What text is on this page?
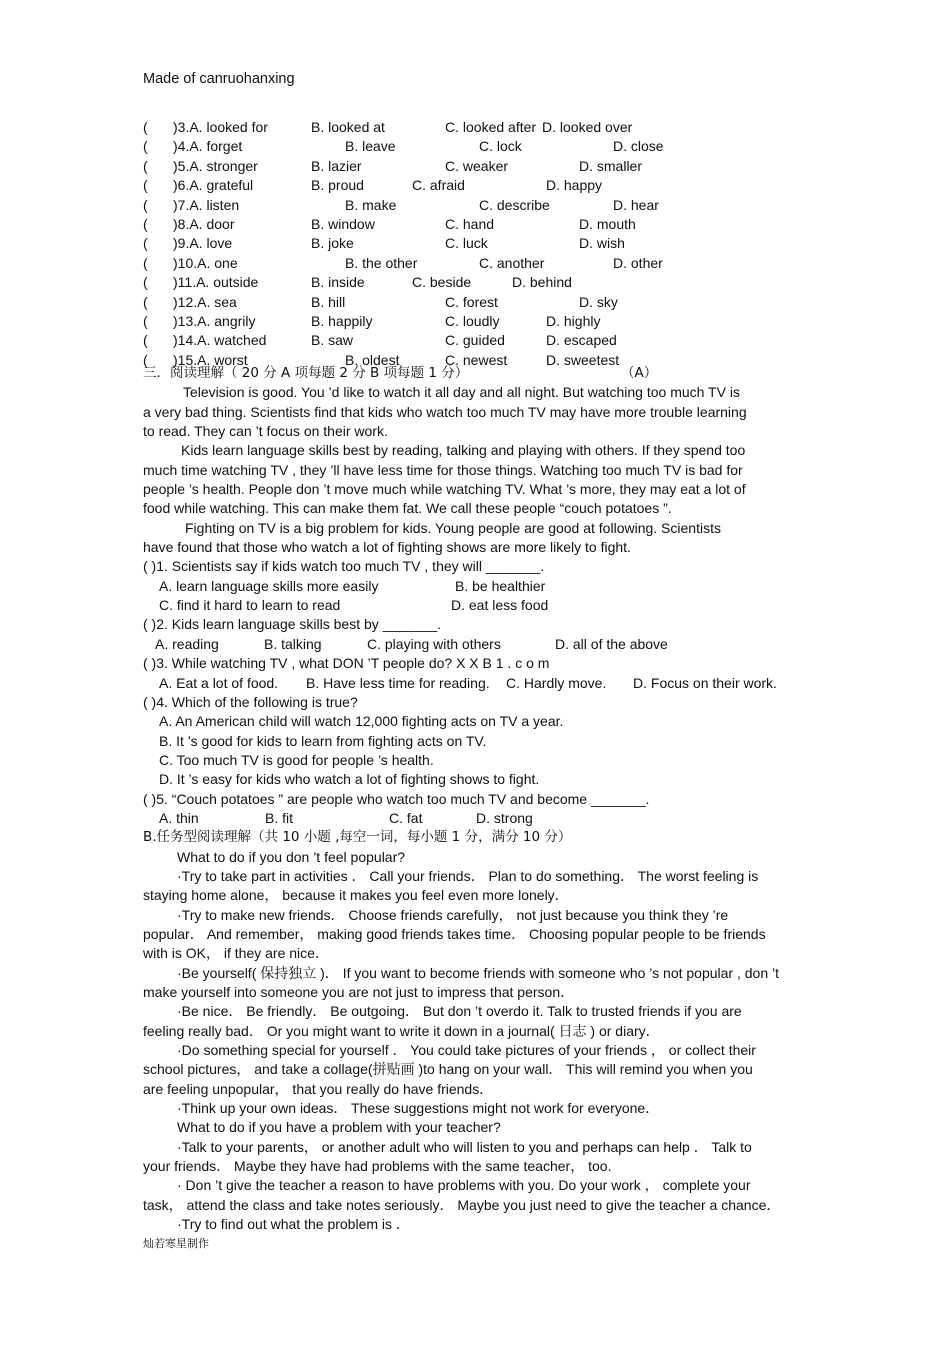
Made of canruohanxing
( )3.A. looked for	B. looked at	C. looked after D. looked over
( )4.A. forget	B. leave	C. lock	D. close
( )5.A. stronger	B. lazier	C. weaker	D. smaller
( )6.A. grateful	B. proud	C. afraid	D. happy
( )7.A. listen	B. make	C. describe	D. hear
( )8.A. door	B. window	C. hand	D. mouth
( )9.A. love	B. joke	C. luck	D. wish
( )10.A. one	B. the other	C. another	D. other
( )11.A. outside	B. inside	C. beside	D. behind
( )12.A. sea	B. hill	C. forest	D. sky
( )13.A. angrily	B. happily	C. loudly	D. highly
( )14.A. watched	B. saw	C. guided	D. escaped
( )15.A. worst	B. oldest	C. newest	D. sweetest
三．阅读理解（ 20 分 A 项每题 2 分 B 项每题 1 分）	（A）
Television is good. You ’d like to watch it all day and all night. But watching too much TV is
a very bad thing. Scientists find that kids who watch too much TV may have more trouble learning
to read. They can ’t focus on their work.
Kids learn language skills best by reading, talking and playing with others. If they spend too
much time watching TV , they ’ll have less time for those things. Watching too much TV is bad for
people ’s health. People don ’t move much while watching TV. What ’s more, they may eat a lot of
food while watching. This can make them fat. We call these people “couch potatoes ”.
Fighting on TV is a big problem for kids. Young people are good at following. Scientists
have found that those who watch a lot of fighting shows are more likely to fight.
( )1. Scientists say if kids watch too much TV , they will _______.
A. learn language skills more easily	B. be healthier
C. find it hard to learn to read	D. eat less food
( )2. Kids learn language skills best by _______.
A. reading	B. talking	C. playing with others	D. all of the above
( )3. While watching TV , what DON ’T people do? X X B 1 . c o m
A. Eat a lot of food. B. Have less time for reading. C. Hardly move. D. Focus on their work.
( )4. Which of the following is true?
A. An American child will watch 12,000 fighting acts on TV a year.
B. It ’s good for kids to learn from fighting acts on TV.
C. Too much TV is good for people ’s health.
D. It ’s easy for kids who watch a lot of fighting shows to fight.
( )5. “Couch potatoes ” are people who watch too much TV and become _______.
A. thin	B. fit	C. fat	D. strong
B.任务型阅读理解（共 10 小题 ,每空一词，每小题 1 分，满分 10 分）
What to do if you don ’t feel popular?
·Try to take part in activities ． Call your friends． Plan to do something． The worst feeling is
staying home alone， because it makes you feel even more lonely．
·Try to make new friends． Choose friends carefully， not just because you think they ’re
popular． And remember， making good friends takes time． Choosing popular people to be friends
with is OK， if they are nice．
·Be yourself( 保持独立 )． If you want to become friends with someone who ’s not popular , don ’t
make yourself into someone you are not just to impress that person．
·Be nice． Be friendly． Be outgoing． But don ’t overdo it. Talk to trusted friends if you are
feeling really bad． Or you might want to write it down in a journal( 日志 ) or diary．
·Do something special for yourself ． You could take pictures of your friends ， or collect their
school pictures， and take a collage(拼贴画 )to hang on your wall． This will remind you when you
are feeling unpopular， that you really do have friends．
·Think up your own ideas． These suggestions might not work for everyone．
What to do if you have a problem with your teacher?
·Talk to your parents， or another adult who will listen to you and perhaps can help ． Talk to
your friends． Maybe they have had problems with the same teacher， too.
· Don ’t give the teacher a reason to have problems with you. Do your work ， complete your
task， attend the class and take notes seriously． Maybe you just need to give the teacher a chance．
·Try to find out what the problem is ．
灿若寒星制作
